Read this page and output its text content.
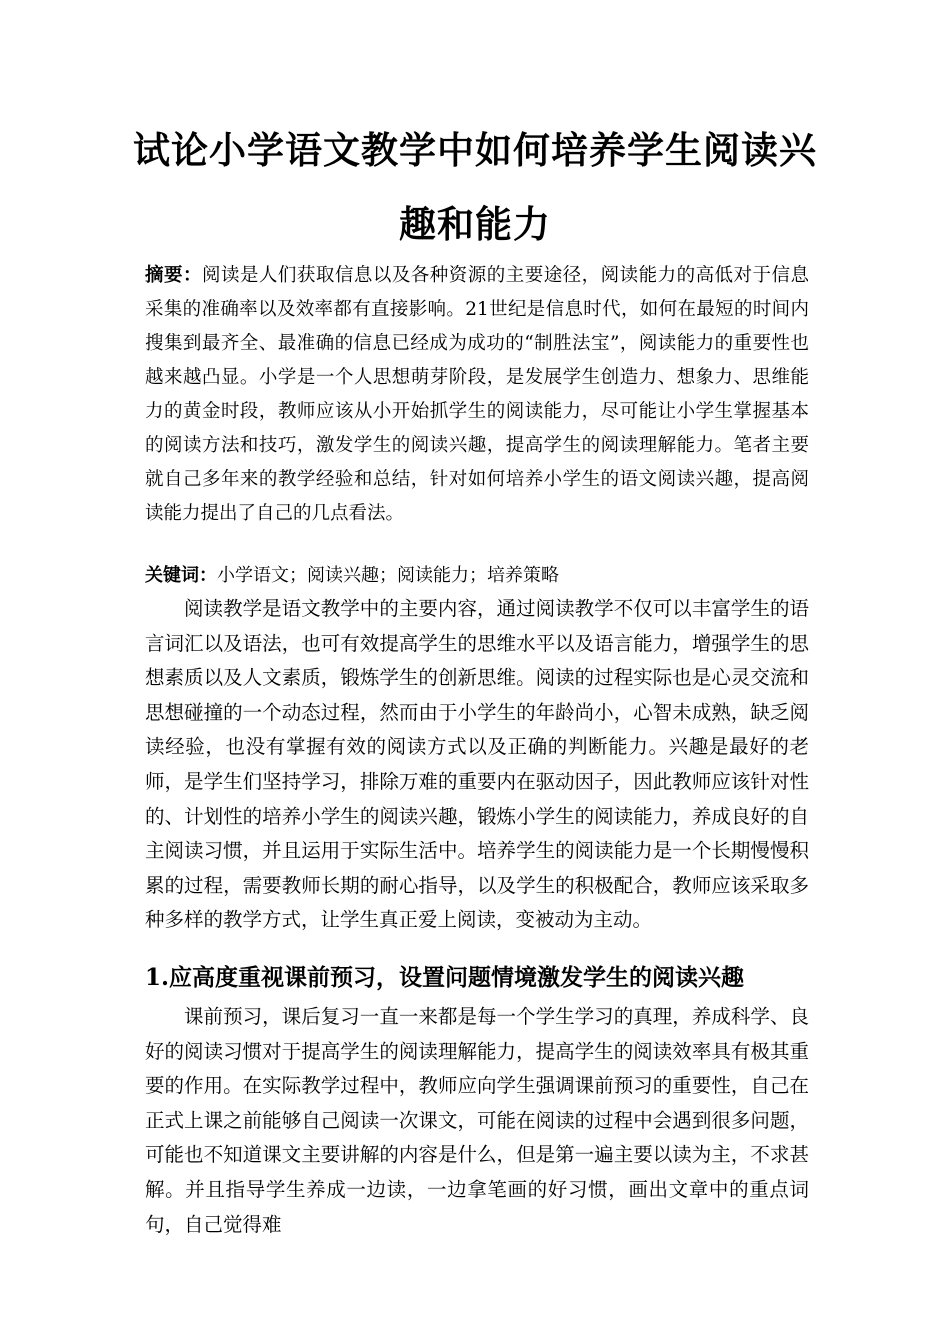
试论小学语文教学中如何培养学生阅读兴
趣和能力

摘要：阅读是人们获取信息以及各种资源的主要途径，阅读能力的高低对于信息采集的准确率以及效率都有直接影响。21世纪是信息时代，如何在最短的时间内搜集到最齐全、最准确的信息已经成为成功的“制胜法宝”，阅读能力的重要性也越来越凸显。小学是一个人思想萌芽阶段，是发展学生创造力、想象力、思维能力的黄金时段，教师应该从小开始抓学生的阅读能力，尽可能让小学生掌握基本的阅读方法和技巧，激发学生的阅读兴趣，提高学生的阅读理解能力。笔者主要就自己多年来的教学经验和总结，针对如何培养小学生的语文阅读兴趣，提高阅读能力提出了自己的几点看法。

关键词：小学语文；阅读兴趣；阅读能力；培养策略

阅读教学是语文教学中的主要内容，通过阅读教学不仅可以丰富学生的语言词汇以及语法，也可有效提高学生的思维水平以及语言能力，增强学生的思想素质以及人文素质，锻炼学生的创新思维。阅读的过程实际也是心灵交流和思想碰撞的一个动态过程，然而由于小学生的年龄尚小，心智未成熟，缺乏阅读经验，也没有掌握有效的阅读方式以及正确的判断能力。兴趣是最好的老师，是学生们坚持学习，排除万难的重要内在驱动因子，因此教师应该针对性的、计划性的培养小学生的阅读兴趣，锻炼小学生的阅读能力，养成良好的自主阅读习惯，并且运用于实际生活中。培养学生的阅读能力是一个长期慢慢积累的过程，需要教师长期的耐心指导，以及学生的积极配合，教师应该采取多种多样的教学方式，让学生真正爱上阅读，变被动为主动。

1.应高度重视课前预习，设置问题情境激发学生的阅读兴趣

课前预习，课后复习一直一来都是每一个学生学习的真理，养成科学、良好的阅读习惯对于提高学生的阅读理解能力，提高学生的阅读效率具有极其重要的作用。在实际教学过程中，教师应向学生强调课前预习的重要性，自己在正式上课之前能够自己阅读一次课文，可能在阅读的过程中会遇到很多问题，可能也不知道课文主要讲解的内容是什么，但是第一遍主要以读为主，不求甚解。并且指导学生养成一边读，一边拿笔画的好习惯，画出文章中的重点词句，自己觉得难
